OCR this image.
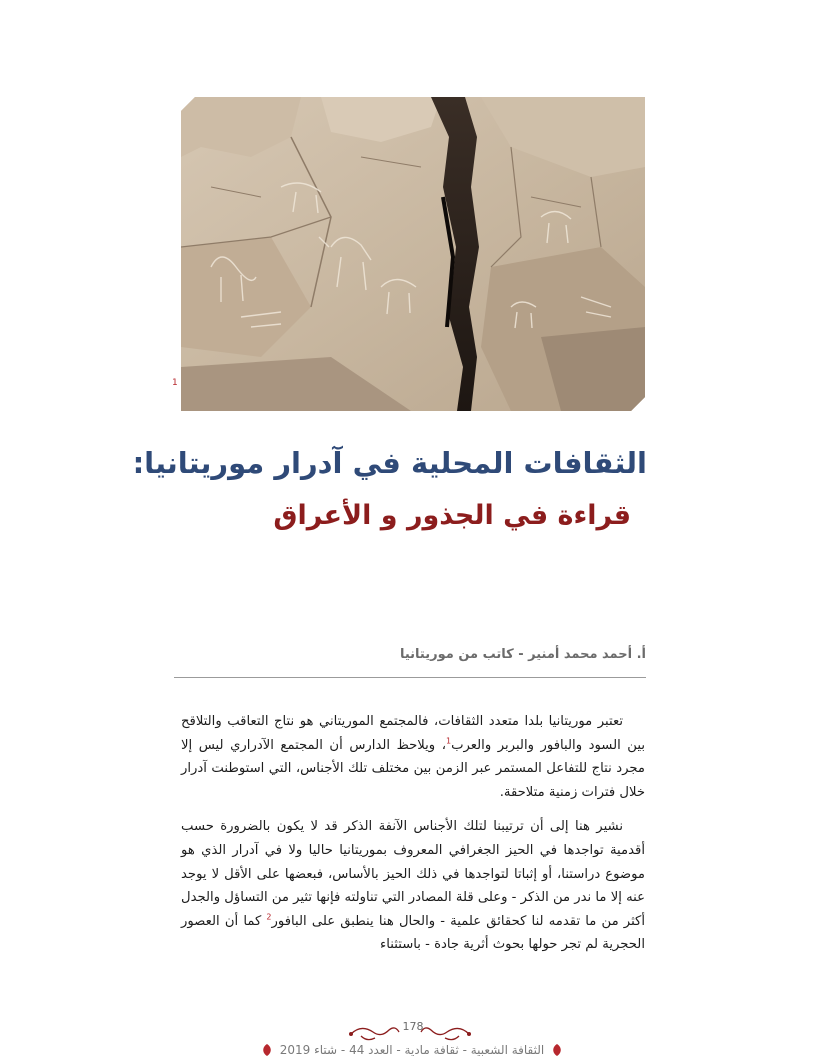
1
الثقافات المحلية في آدرار موريتانيا:
قراءة في الجذور و الأعراق
أ. أحمد محمد أمنير - كاتب من موريتانيا

تعتبر موريتانيا بلدا متعدد الثقافات، فالمجتمع الموريتاني هو نتاج التعاقب والتلاقح بين السود والبافور والبربر والعرب$^1$، ويلاحظ الدارس أن المجتمع الآدراري ليس إلا مجرد نتاج للتفاعل المستمر عبر الزمن بين مختلف تلك الأجناس، التي استوطنت آدرار خلال فترات زمنية متلاحقة.

نشير هنا إلى أن ترتيبنا لتلك الأجناس الآنفة الذكر قد لا يكون بالضرورة حسب أقدمية تواجدها في الحيز الجغرافي المعروف بموريتانيا حاليا ولا في آدرار الذي هو موضوع دراستنا، أو إثباتا لتواجدها في ذلك الحيز بالأساس، فبعضها على الأقل لا يوجد عنه إلا ما ندر من الذكر - وعلى قلة المصادر التي تناولته فإنها تثير من التساؤل والجدل أكثر من ما تقدمه لنا كحقائق علمية - والحال هنا ينطبق على البافور$^2$ كما أن العصور الحجرية لم تجر حولها بحوث أثرية جادة - باستثناء

178
الثقافة الشعبية - ثقافة مادية - العدد 44 - شتاء 2019
